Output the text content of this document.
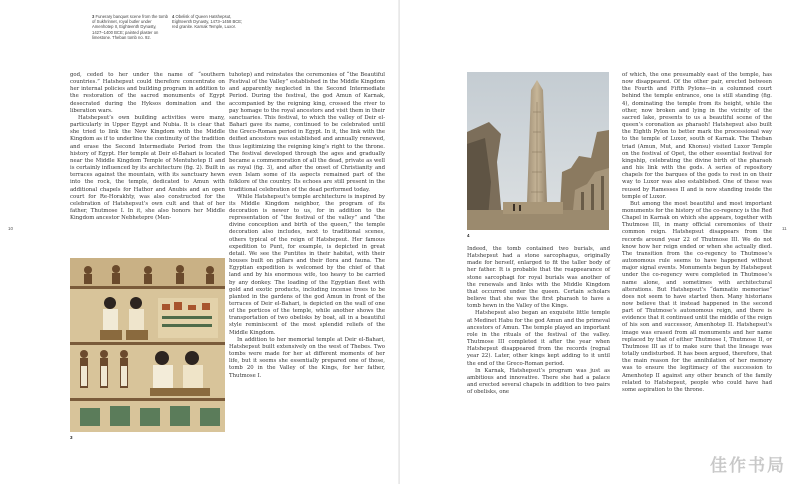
3 Funerary banquet scene from the tomb of Sukhrinnet, royal butler under Amenhotep II, Eighteenth Dynasty, 1427–1400 BCE; painted plaster on limestone. Theban tomb no. 92.
4 Obelisk of Queen Hatshepsut, Eighteenth Dynasty, 1473–1458 BCE; red granite. Karnak Temple, Luxor.

god, ceded to her under the name of “southern countries.” Hatshepsut could therefore concentrate on her internal policies and building program in addition to the restoration of the sacred monuments of Egypt desecrated during the Hyksos domination and the liberation wars.

Hatshepsut’s own building activities were many, particularly in Upper Egypt and Nubia. It is clear that she tried to link the New Kingdom with the Middle Kingdom as if to underline the continuity of the tradition and erase the Second Intermediate Period from the history of Egypt. Her temple at Deir el-Bahari is located near the Middle Kingdom Temple of Mentuhotep II and is certainly influenced by its architecture (fig. 2). Built in terraces against the mountain, with its sanctuary hewn into the rock, the temple, dedicated to Amun with additional chapels for Hathor and Anubis and an open court for Re-Horakhty, was also constructed for the celebration of Hatshepsut’s own cult and that of her father, Thutmose I. In it, she also honors her Middle Kingdom ancestor Nebhetepre (Men-

tuhotep) and reinstates the ceremonies of “the Beautiful Festival of the Valley” established in the Middle Kingdom and apparently neglected in the Second Intermediate Period. During the festival, the god Amun of Karnak, accompanied by the reigning king, crossed the river to pay homage to the royal ancestors and visit them in their sanctuaries. This festival, to which the valley of Deir el-Bahari gave its name, continued to be celebrated until the Greco-Roman period in Egypt. In it, the link with the deified ancestors was established and annually renewed, thus legitimizing the reigning king’s right to the throne. The festival developed through the ages and gradually became a commemoration of all the dead, private as well as royal (fig. 3), and after the onset of Christianity and even Islam some of its aspects remained part of the folklore of the country. Its echoes are still present in the traditional celebration of the dead performed today.

While Hatshepsut’s temple architecture is inspired by its Middle Kingdom neighbor, the program of its decoration is newer to us, for in addition to the representation of “the festival of the valley” and “the divine conception and birth of the queen,” the temple decoration also includes, next to traditional scenes, others typical of the reign of Hatshepsut. Her famous expedition to Punt, for example, is depicted in great detail. We see the Puntites in their habitat, with their houses built on pillars and their flora and fauna. The Egyptian expedition is welcomed by the chief of that land and by his enormous wife, too heavy to be carried by any donkey. The loading of the Egyptian fleet with gold and exotic products, including incense trees to be planted in the gardens of the god Amun in front of the terraces of Deir el-Bahari, is depicted on the wall of one of the porticos of the temple, while another shows the transportation of two obelisks by boat, all in a beautiful style reminiscent of the most splendid reliefs of the Middle Kingdom.

In addition to her memorial temple at Deir el-Bahari, Hatshepsut built extensively on the west of Thebes. Two tombs were made for her at different moments of her life, but it seems she essentially prepared one of those, tomb 20 in the Valley of the Kings, for her father, Thutmose I.

10
3
4

Indeed, the tomb contained two burials, and Hatshepsut had a stone sarcophagus, originally made for herself, enlarged to fit the taller body of her father. It is probable that the reappearance of stone sarcophagi for royal burials was another of the renewals and links with the Middle Kingdom that occurred under the queen. Certain scholars believe that she was the first pharaoh to have a tomb hewn in the Valley of the Kings.

Hatshepsut also began an exquisite little temple at Medinet Habu for the god Amun and the primeval ancestors of Amun. The temple played an important role in the rituals of the festival of the valley. Thutmose III completed it after the year when Hatshepsut disappeared from the records (regnal year 22). Later, other kings kept adding to it until the end of the Greco-Roman period.

In Karnak, Hatshepsut’s program was just as ambitious and innovative. There she had a palace and erected several chapels in addition to two pairs of obelisks, one

of which, the one presumably east of the temple, has now disappeared. Of the other pair, erected between the Fourth and Fifth Pylons—in a columned court behind the temple entrance, one is still standing (fig. 4), dominating the temple from its height, while the other, now broken and lying in the vicinity of the sacred lake, presents to us a beautiful scene of the queen’s coronation as pharaoh! Hatshepsut also built the Eighth Pylon to better mark the processional way to the temple of Luxor, south of Karnak. The Theban triad (Amun, Mut, and Khonsu) visited Luxor Temple on the festival of Opet, the other essential festival for kingship, celebrating the divine birth of the pharaoh and his link with the gods. A series of repository chapels for the barques of the gods to rest in on their way to Luxor was also established. One of these was reused by Ramesses II and is now standing inside the temple of Luxor.

But among the most beautiful and most important monuments for the history of the co-regency is the Red Chapel in Karnak on which she appears, together with Thutmose III, in many official ceremonies of their common reign. Hatshepsut disappears from the records around year 22 of Thutmose III. We do not know how her reign ended or when she actually died. The transition from the co-regency to Thutmose’s autonomous rule seems to have happened without major signal events. Monuments begun by Hatshepsut under the co-regency were completed in Thutmose’s name alone, and sometimes with architectural alterations. But Hatshepsut’s “damnatio memoriae” does not seem to have started then. Many historians now believe that it instead happened in the second part of Thutmose’s autonomous reign, and there is evidence that it continued until the middle of the reign of his son and successor, Amenhotep II. Hatshepsut’s image was erased from all monuments and her name replaced by that of either Thutmose I, Thutmose II, or Thutmose III as if to make sure that the lineage was totally undisturbed. It has been argued, therefore, that the main reason for the annihilation of her memory was to ensure the legitimacy of the succession to Amenhotep II against any other branch of the family related to Hatshepsut, people who could have had some aspiration to the throne.

11
佳作书局
